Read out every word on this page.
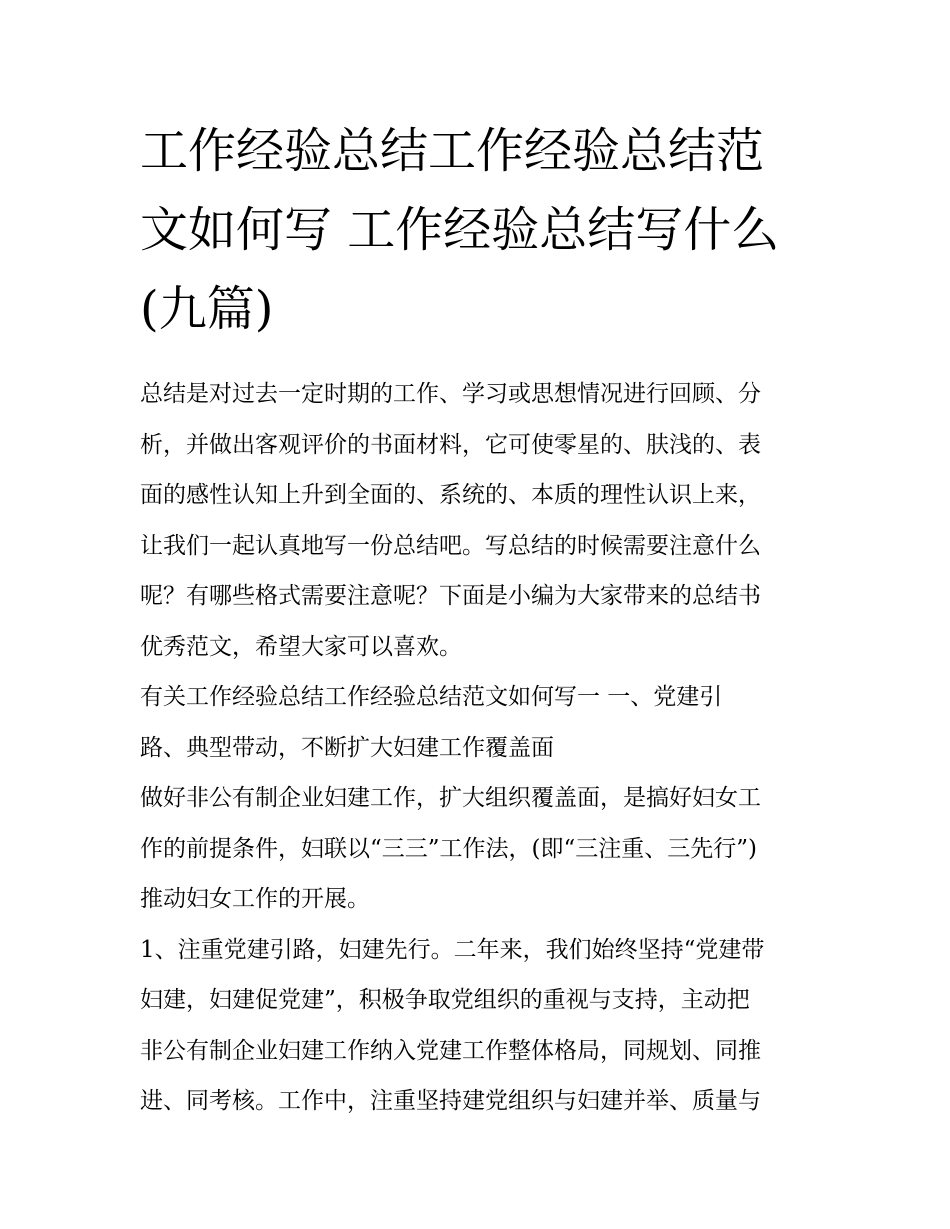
工作经验总结工作经验总结范
文如何写 工作经验总结写什么
(九篇)

总结是对过去一定时期的工作、学习或思想情况进行回顾、分
析，并做出客观评价的书面材料，它可使零星的、肤浅的、表
面的感性认知上升到全面的、系统的、本质的理性认识上来，
让我们一起认真地写一份总结吧。写总结的时候需要注意什么
呢？有哪些格式需要注意呢？下面是小编为大家带来的总结书
优秀范文，希望大家可以喜欢。

有关工作经验总结工作经验总结范文如何写一 一、党建引
路、典型带动，不断扩大妇建工作覆盖面

做好非公有制企业妇建工作，扩大组织覆盖面，是搞好妇女工
作的前提条件，妇联以“三三”工作法，(即“三注重、三先行”)
推动妇女工作的开展。

1、注重党建引路，妇建先行。二年来，我们始终坚持“党建带
妇建，妇建促党建”，积极争取党组织的重视与支持，主动把
非公有制企业妇建工作纳入党建工作整体格局，同规划、同推
进、同考核。工作中，注重坚持建党组织与妇建并举、质量与
